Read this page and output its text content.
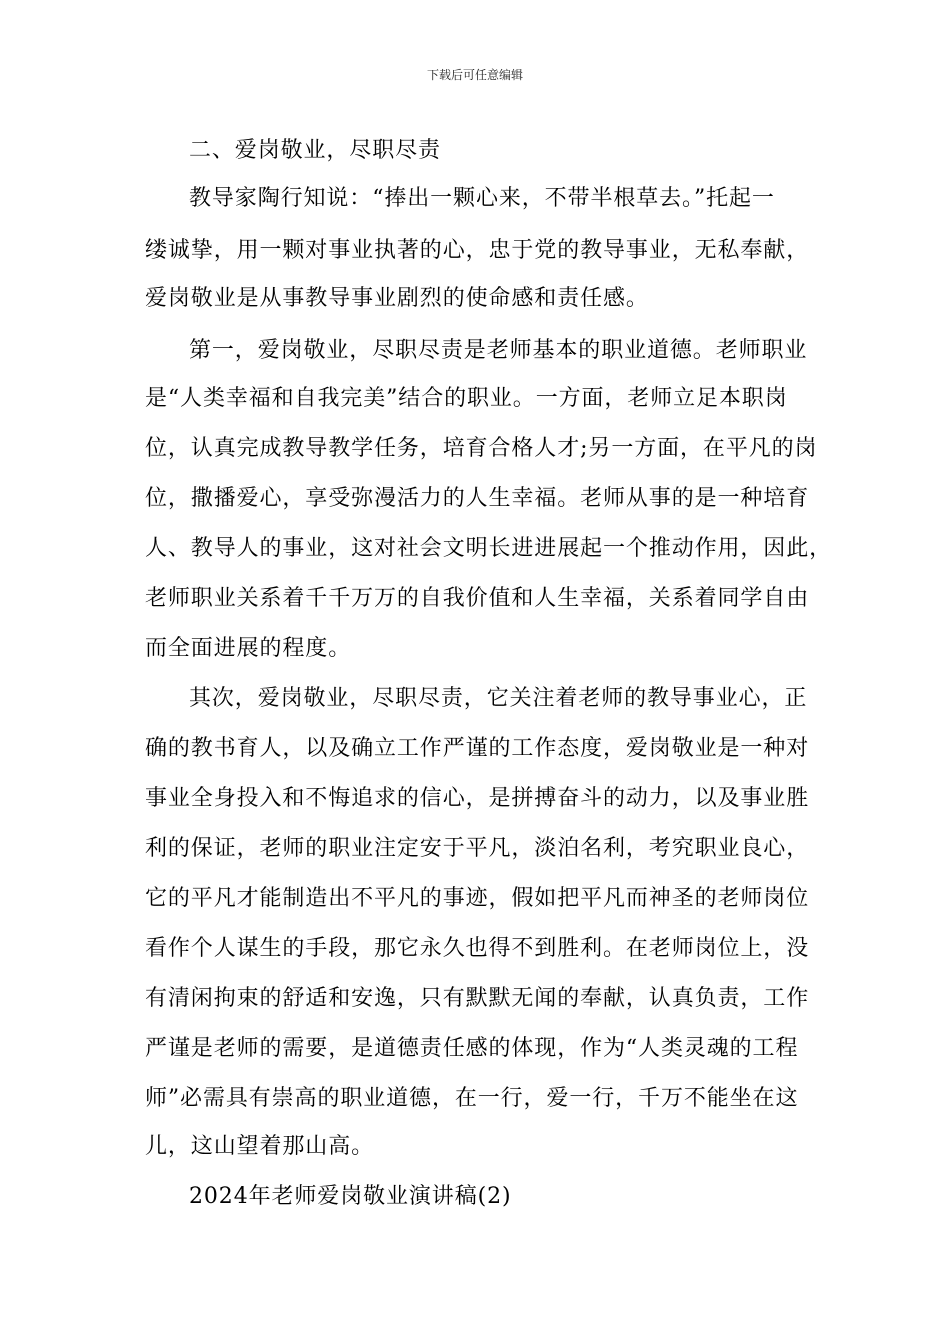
下载后可任意编辑
二、爱岗敬业，尽职尽责
教导家陶行知说：“捧出一颗心来，不带半根草去。”托起一
缕诚挚，用一颗对事业执著的心，忠于党的教导事业，无私奉献，
爱岗敬业是从事教导事业剧烈的使命感和责任感。
第一，爱岗敬业，尽职尽责是老师基本的职业道德。老师职业
是“人类幸福和自我完美”结合的职业。一方面，老师立足本职岗
位，认真完成教导教学任务，培育合格人才;另一方面，在平凡的岗
位，撒播爱心，享受弥漫活力的人生幸福。老师从事的是一种培育
人、教导人的事业，这对社会文明长进进展起一个推动作用，因此，
老师职业关系着千千万万的自我价值和人生幸福，关系着同学自由
而全面进展的程度。
其次，爱岗敬业，尽职尽责，它关注着老师的教导事业心，正
确的教书育人，以及确立工作严谨的工作态度，爱岗敬业是一种对
事业全身投入和不悔追求的信心，是拼搏奋斗的动力，以及事业胜
利的保证，老师的职业注定安于平凡，淡泊名利，考究职业良心，
它的平凡才能制造出不平凡的事迹，假如把平凡而神圣的老师岗位
看作个人谋生的手段，那它永久也得不到胜利。在老师岗位上，没
有清闲拘束的舒适和安逸，只有默默无闻的奉献，认真负责，工作
严谨是老师的需要，是道德责任感的体现，作为“人类灵魂的工程
师”必需具有崇高的职业道德，在一行，爱一行，千万不能坐在这
儿，这山望着那山高。
2024年老师爱岗敬业演讲稿(2)
